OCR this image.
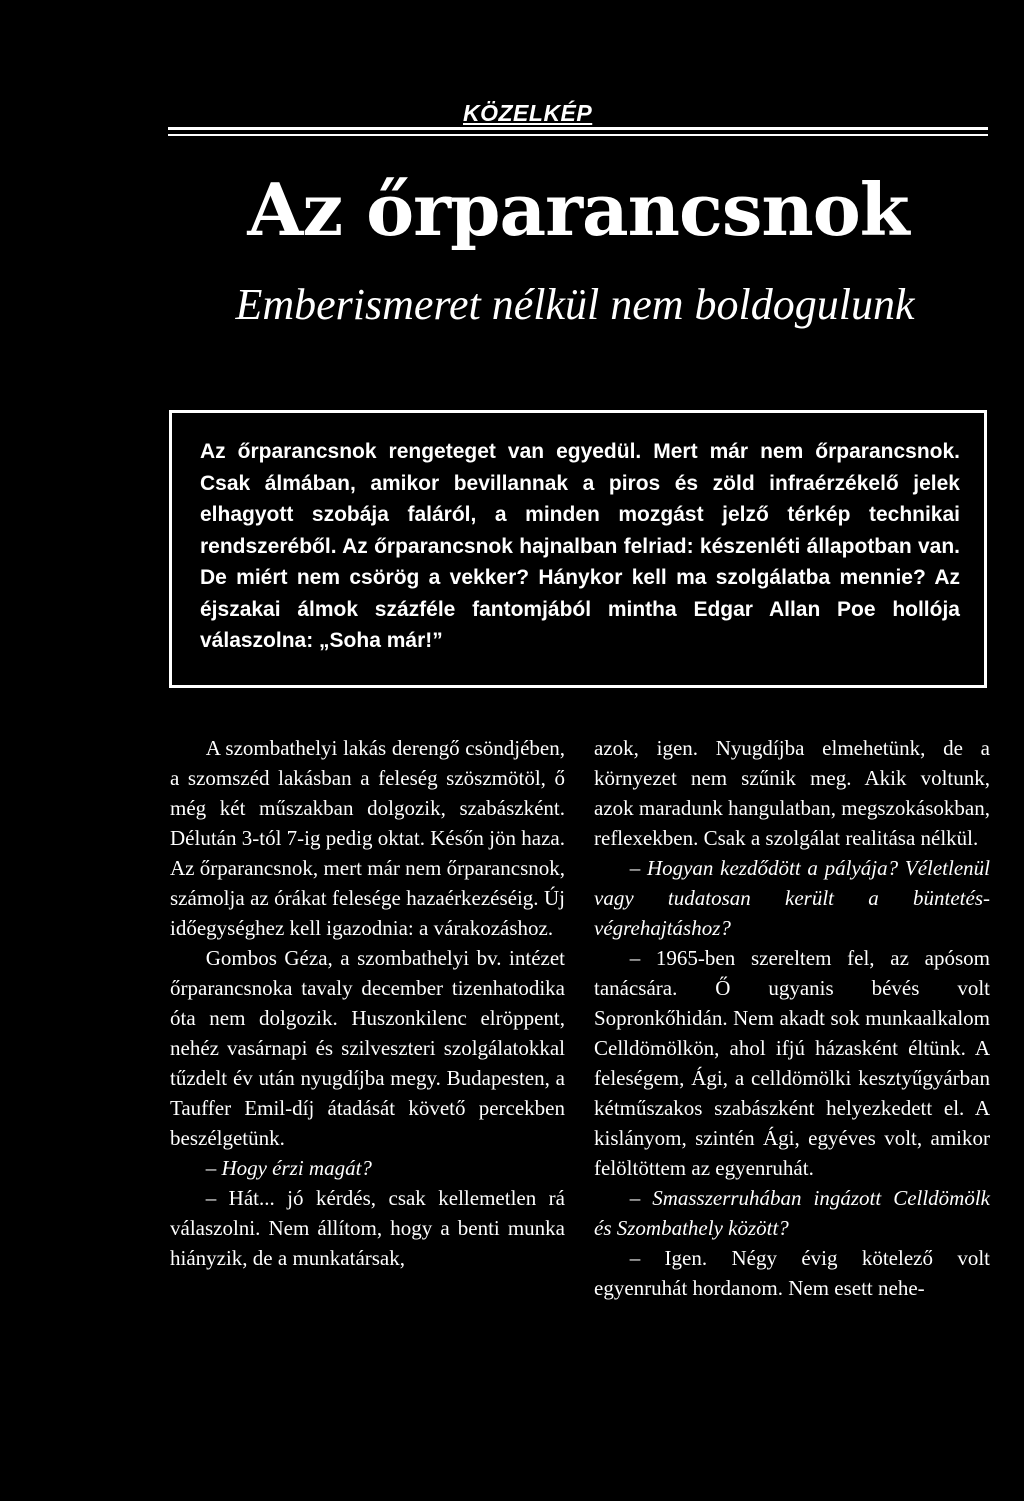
KÖZELKÉP
Az őrparancsnok
Emberismeret nélkül nem boldogulunk

Az őrparancsnok rengeteget van egyedül. Mert már nem őrparancsnok. Csak álmában, amikor bevillannak a piros és zöld infraérzékelő jelek elhagyott szobája faláról, a minden mozgást jelző térkép technikai rendszeréből. Az őrparancsnok hajnalban felriad: készenléti állapotban van. De miért nem csörög a vekker? Hánykor kell ma szolgálatba mennie? Az éjszakai álmok százféle fantomjából mintha Edgar Allan Poe hollója válaszolna: „Soha már!”

A szombathelyi lakás derengő csöndjében, a szomszéd lakásban a feleség szöszmötöl, ő még két műszakban dolgozik, szabászként. Délután 3-tól 7-ig pedig oktat. Későn jön haza. Az őrparancsnok, mert már nem őrparancsnok, számolja az órákat felesége hazaérkezéséig. Új időegységhez kell igazodnia: a várakozáshoz.

Gombos Géza, a szombathelyi bv. intézet őrparancsnoka tavaly december tizenhatodika óta nem dolgozik. Huszonkilenc elröppent, nehéz vasárnapi és szilveszteri szolgálatokkal tűzdelt év után nyugdíjba megy. Budapesten, a Tauffer Emil-díj átadását követő percekben beszélgetünk.

– Hogy érzi magát?

– Hát... jó kérdés, csak kellemetlen rá válaszolni. Nem állítom, hogy a benti munka hiányzik, de a munkatársak,

azok, igen. Nyugdíjba elmehetünk, de a környezet nem szűnik meg. Akik voltunk, azok maradunk hangulatban, megszokásokban, reflexekben. Csak a szolgálat realitása nélkül.

– Hogyan kezdődött a pályája? Véletlenül vagy tudatosan került a büntetés-végrehajtáshoz?

– 1965-ben szereltem fel, az apósom tanácsára. Ő ugyanis bévés volt Sopronkőhidán. Nem akadt sok munkaalkalom Celldömölkön, ahol ifjú házasként éltünk. A feleségem, Ági, a celldömölki kesztyűgyárban kétműszakos szabászként helyezkedett el. A kislányom, szintén Ági, egyéves volt, amikor felöltöttem az egyenruhát.

– Smasszerruhában ingázott Celldömölk és Szombathely között?

– Igen. Négy évig kötelező volt egyenruhát hordanom. Nem esett nehe-
